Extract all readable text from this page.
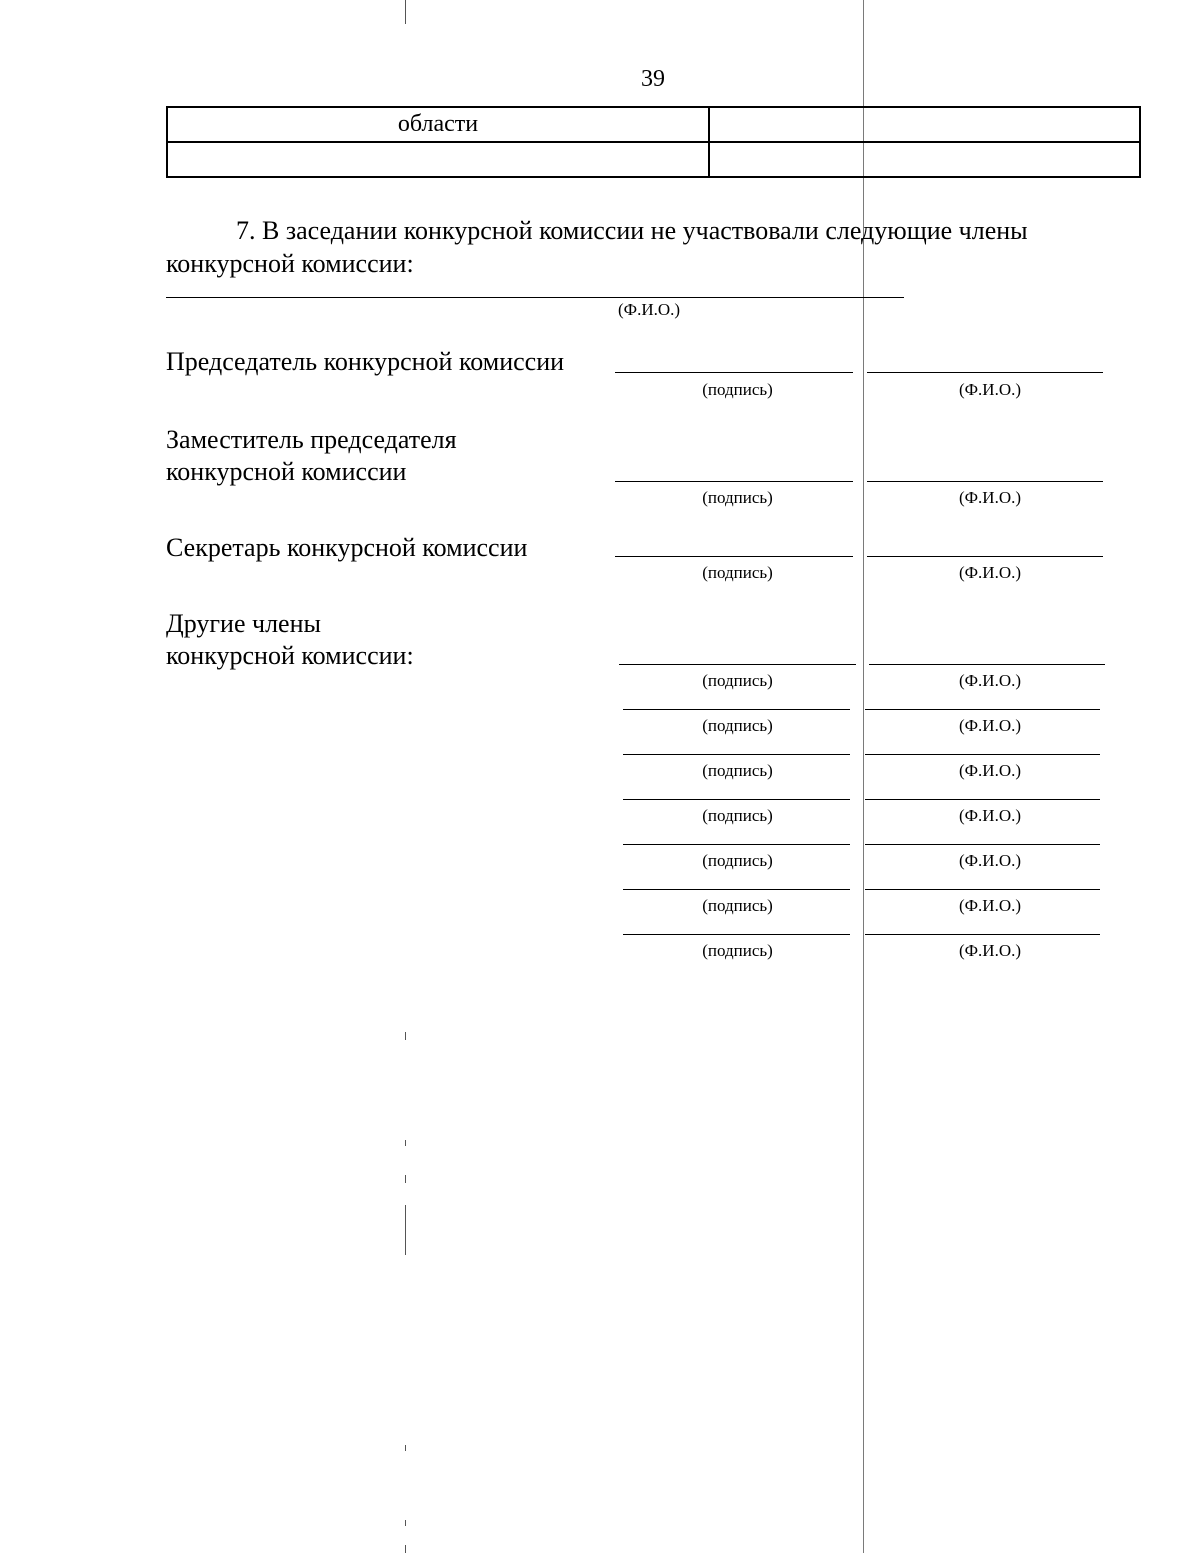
39
области	

7. В заседании конкурсной комиссии не участвовали следующие члены конкурсной комиссии:
(Ф.И.О.)
Председатель конкурсной комиссии
(подпись)	(Ф.И.О.)
Заместитель председателя
конкурсной комиссии
(подпись)	(Ф.И.О.)
Секретарь конкурсной комиссии
(подпись)	(Ф.И.О.)
Другие члены
конкурсной комиссии:
(подпись)	(Ф.И.О.)
(подпись)	(Ф.И.О.)
(подпись)	(Ф.И.О.)
(подпись)	(Ф.И.О.)
(подпись)	(Ф.И.О.)
(подпись)	(Ф.И.О.)
(подпись)	(Ф.И.О.)
